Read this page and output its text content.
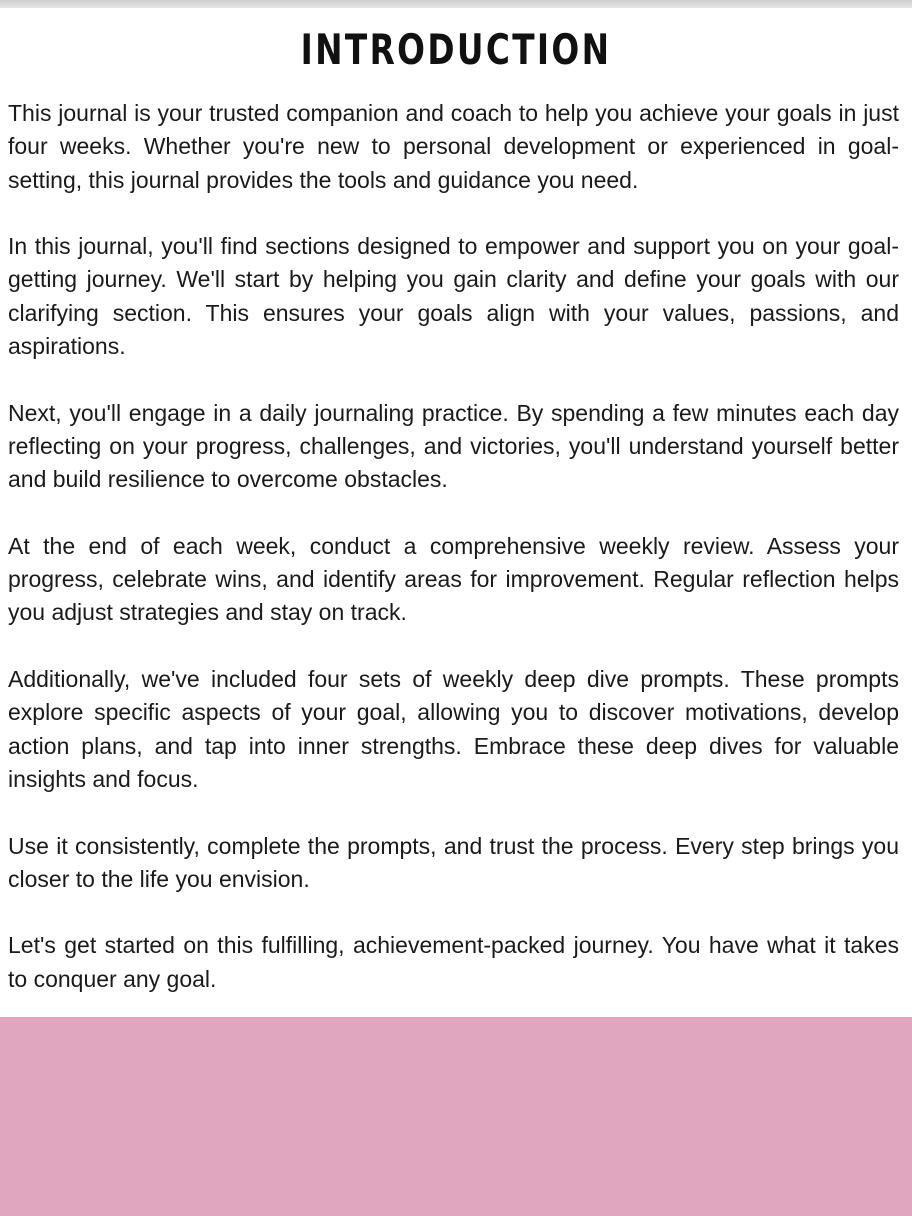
INTRODUCTION

This journal is your trusted companion and coach to help you achieve your goals in just four weeks. Whether you're new to personal development or experienced in goal-setting, this journal provides the tools and guidance you need.

In this journal, you'll find sections designed to empower and support you on your goal-getting journey. We'll start by helping you gain clarity and define your goals with our clarifying section. This ensures your goals align with your values, passions, and aspirations.

Next, you'll engage in a daily journaling practice. By spending a few minutes each day reflecting on your progress, challenges, and victories, you'll understand yourself better and build resilience to overcome obstacles.

At the end of each week, conduct a comprehensive weekly review. Assess your progress, celebrate wins, and identify areas for improvement. Regular reflection helps you adjust strategies and stay on track.

Additionally, we've included four sets of weekly deep dive prompts. These prompts explore specific aspects of your goal, allowing you to discover motivations, develop action plans, and tap into inner strengths. Embrace these deep dives for valuable insights and focus.

Use it consistently, complete the prompts, and trust the process. Every step brings you closer to the life you envision.

Let's get started on this fulfilling, achievement-packed journey. You have what it takes to conquer any goal.
